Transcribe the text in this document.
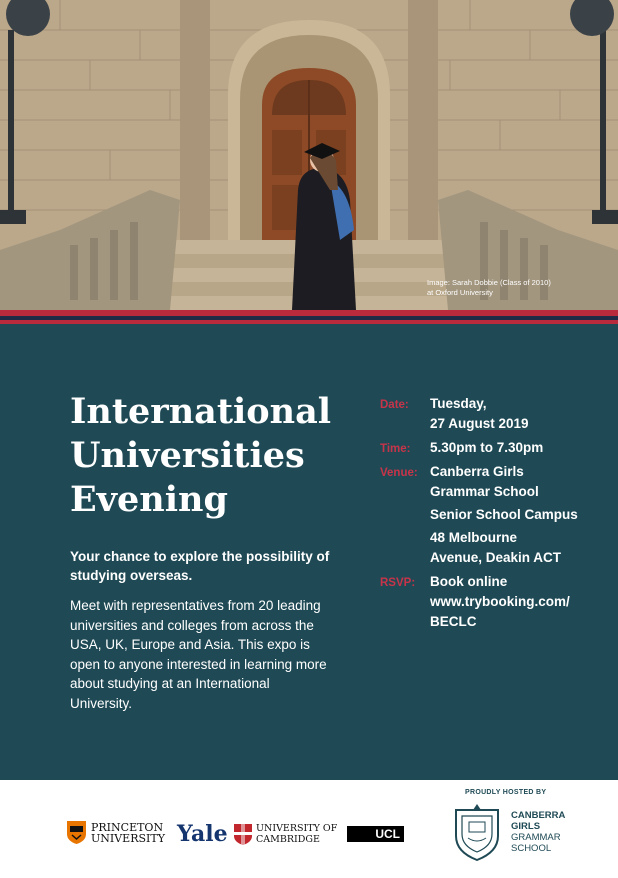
Image: Sarah Dobbie (Class of 2010)
at Oxford University
International
Universities
Evening

Your chance to explore the possibility of studying overseas.

Meet with representatives from 20 leading universities and colleges from across the USA, UK, Europe and Asia. This expo is open to anyone interested in learning more about studying at an International University.

Date: Tuesday,
27 August 2019
Time: 5.30pm to 7.30pm
Venue: Canberra Girls
Grammar School
Senior School Campus
48 Melbourne
Avenue, Deakin ACT
RSVP: Book online
www.trybooking.com/
BECLC
PRINCETON
UNIVERSITY Yale	UNIVERSITY OF
CAMBRIDGE	UCL
PROUDLY HOSTED BY
CANBERRA
GIRLS
GRAMMAR
SCHOOL
